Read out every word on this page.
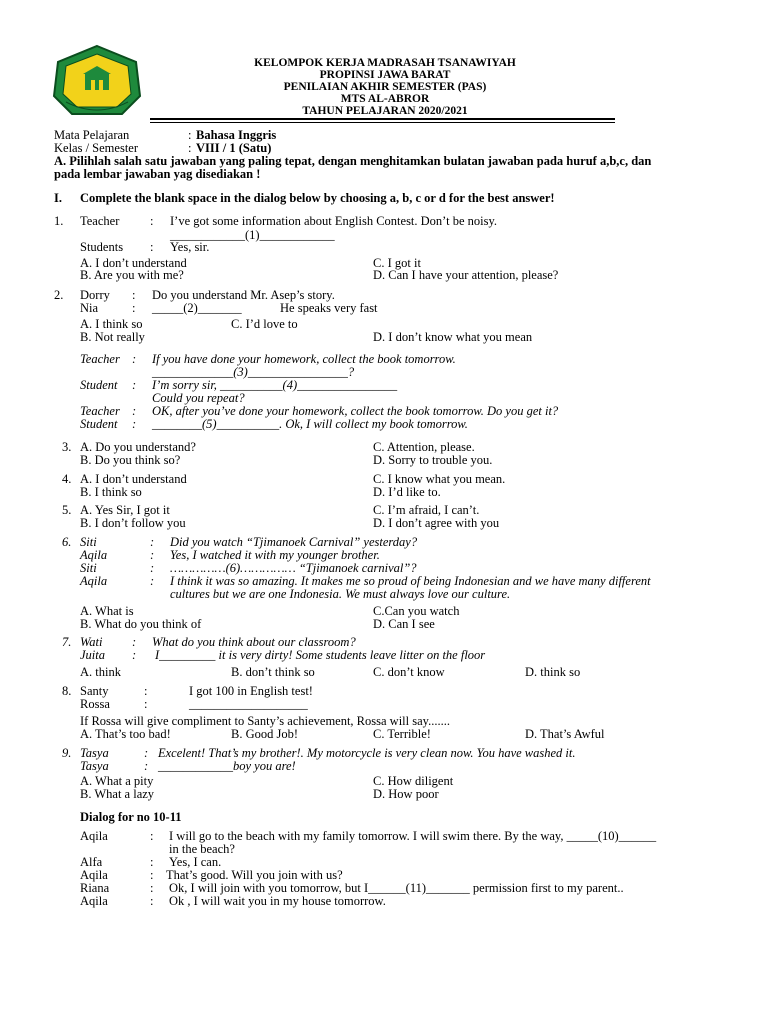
KELOMPOK KERJA MADRASAH TSANAWIYAH
PROPINSI JAWA BARAT
PENILAIAN AKHIR SEMESTER (PAS)
MTS AL-ABROR
TAHUN PELAJARAN 2020/2021
Mata Pelajaran	: Bahasa Inggris
Kelas / Semester	: VIII / 1 (Satu)
A. Pilihlah salah satu jawaban yang paling tepat, dengan menghitamkan bulatan jawaban pada huruf a,b,c, dan
pada lembar jawaban yag disediakan !
I. Complete the blank space in the dialog below by choosing a, b, c or d for the best answer!
1. Teacher : I’ve got some information about English Contest. Don’t be noisy.
____________(1)____________
Students : Yes, sir.
A. I don’t understand
B. Are you with me?
C. I got it
D. Can I have your attention, please?
2. Dorry : Do you understand Mr. Asep’s story.
Nia	: _____(2)_______	He speaks very fast
A. I think so	C. I’d love to
B. Not really	D. I don’t know what you mean
Teacher : If you have done your homework, collect the book tomorrow.
_____________(3)________________?
Student : I’m sorry sir, __________(4)________________
Could you repeat?
Teacher : OK, after you’ve done your homework, collect the book tomorrow. Do you get it?
Student : ________(5)__________. Ok, I will collect my book tomorrow.
3. A. Do you understand?
B. Do you think so?
C. Attention, please.
D. Sorry to trouble you.
4. A. I don’t understand
B. I think so
C. I know what you mean.
D. I’d like to.
5. A. Yes Sir, I got it
B. I don’t follow you
C. I’m afraid, I can’t.
D. I don’t agree with you
6. Siti	: Did you watch “Tjimanoek Carnival” yesterday?
Aqila	: Yes, I watched it with my younger brother.
Siti	: ……………(6)…………… “Tjimanoek carnival”?
Aqila	: I think it was so amazing. It makes me so proud of being Indonesian and we have many different
cultures but we are one Indonesia. We must always love our culture.
A. What is
B. What do you think of
C.Can you watch
D. Can I see
7. Wati : What do you think about our classroom?
Juita : I_________ it is very dirty! Some students leave litter on the floor
A. think	B. don’t think so	C. don’t know	D. think so
8. Santy	:	I got 100 in English test!
Rossa	:	___________________
If Rossa will give compliment to Santy’s achievement, Rossa will say.......
A. That’s too bad!	B. Good Job!	C. Terrible!	D. That’s Awful
9. Tasya	: Excelent! That’s my brother!. My motorcycle is very clean now. You have washed it.
Tasya	: ____________boy you are!
A. What a pity
B. What a lazy
C. How diligent
D. How poor
Dialog for no 10-11
Aqila	: I will go to the beach with my family tomorrow. I will swim there. By the way, _____(10)______
in the beach?
Alfa	: Yes, I can.
Aqila	: That’s good. Will you join with us?
Riana	: Ok, I will join with you tomorrow, but I______(11)_______ permission first to my parent..
Aqila	: Ok , I will wait you in my house tomorrow.
